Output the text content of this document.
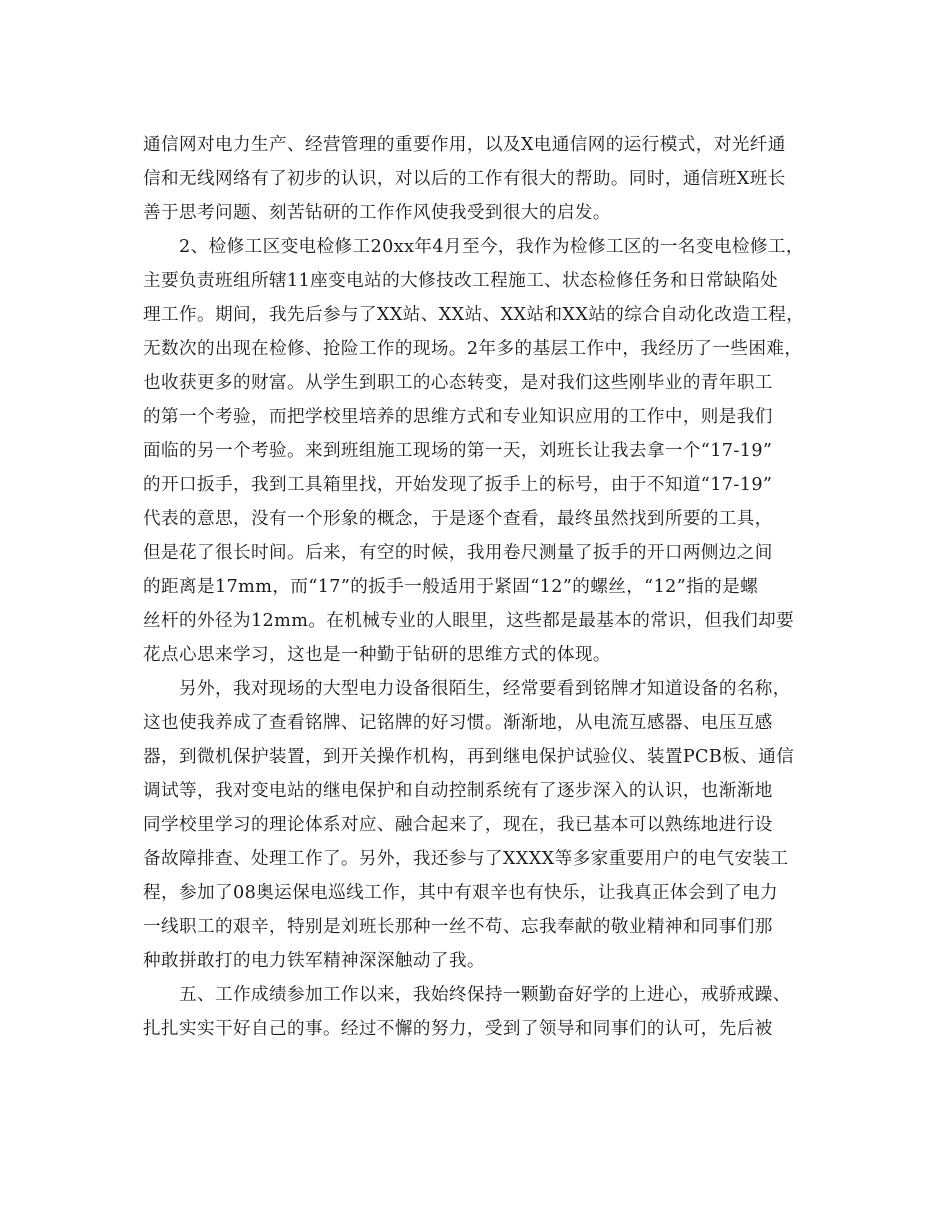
通信网对电力生产、经营管理的重要作用，以及X电通信网的运行模式，对光纤通
信和无线网络有了初步的认识，对以后的工作有很大的帮助。同时，通信班X班长
善于思考问题、刻苦钻研的工作作风使我受到很大的启发。
2、检修工区变电检修工20xx年4月至今，我作为检修工区的一名变电检修工，
主要负责班组所辖11座变电站的大修技改工程施工、状态检修任务和日常缺陷处
理工作。期间，我先后参与了XX站、XX站、XX站和XX站的综合自动化改造工程，
无数次的出现在检修、抢险工作的现场。2年多的基层工作中，我经历了一些困难，
也收获更多的财富。从学生到职工的心态转变，是对我们这些刚毕业的青年职工
的第一个考验，而把学校里培养的思维方式和专业知识应用的工作中，则是我们
面临的另一个考验。来到班组施工现场的第一天，刘班长让我去拿一个“17-19”
的开口扳手，我到工具箱里找，开始发现了扳手上的标号，由于不知道“17-19”
代表的意思，没有一个形象的概念，于是逐个查看，最终虽然找到所要的工具，
但是花了很长时间。后来，有空的时候，我用卷尺测量了扳手的开口两侧边之间
的距离是17mm，而“17”的扳手一般适用于紧固“12”的螺丝，“12”指的是螺
丝杆的外径为12mm。在机械专业的人眼里，这些都是最基本的常识，但我们却要
花点心思来学习，这也是一种勤于钻研的思维方式的体现。
另外，我对现场的大型电力设备很陌生，经常要看到铭牌才知道设备的名称，
这也使我养成了查看铭牌、记铭牌的好习惯。渐渐地，从电流互感器、电压互感
器，到微机保护装置，到开关操作机构，再到继电保护试验仪、装置PCB板、通信
调试等，我对变电站的继电保护和自动控制系统有了逐步深入的认识，也渐渐地
同学校里学习的理论体系对应、融合起来了，现在，我已基本可以熟练地进行设
备故障排查、处理工作了。另外，我还参与了XXXX等多家重要用户的电气安装工
程，参加了08奥运保电巡线工作，其中有艰辛也有快乐，让我真正体会到了电力
一线职工的艰辛，特别是刘班长那种一丝不苟、忘我奉献的敬业精神和同事们那
种敢拼敢打的电力铁军精神深深触动了我。
五、工作成绩参加工作以来，我始终保持一颗勤奋好学的上进心，戒骄戒躁、
扎扎实实干好自己的事。经过不懈的努力，受到了领导和同事们的认可，先后被
